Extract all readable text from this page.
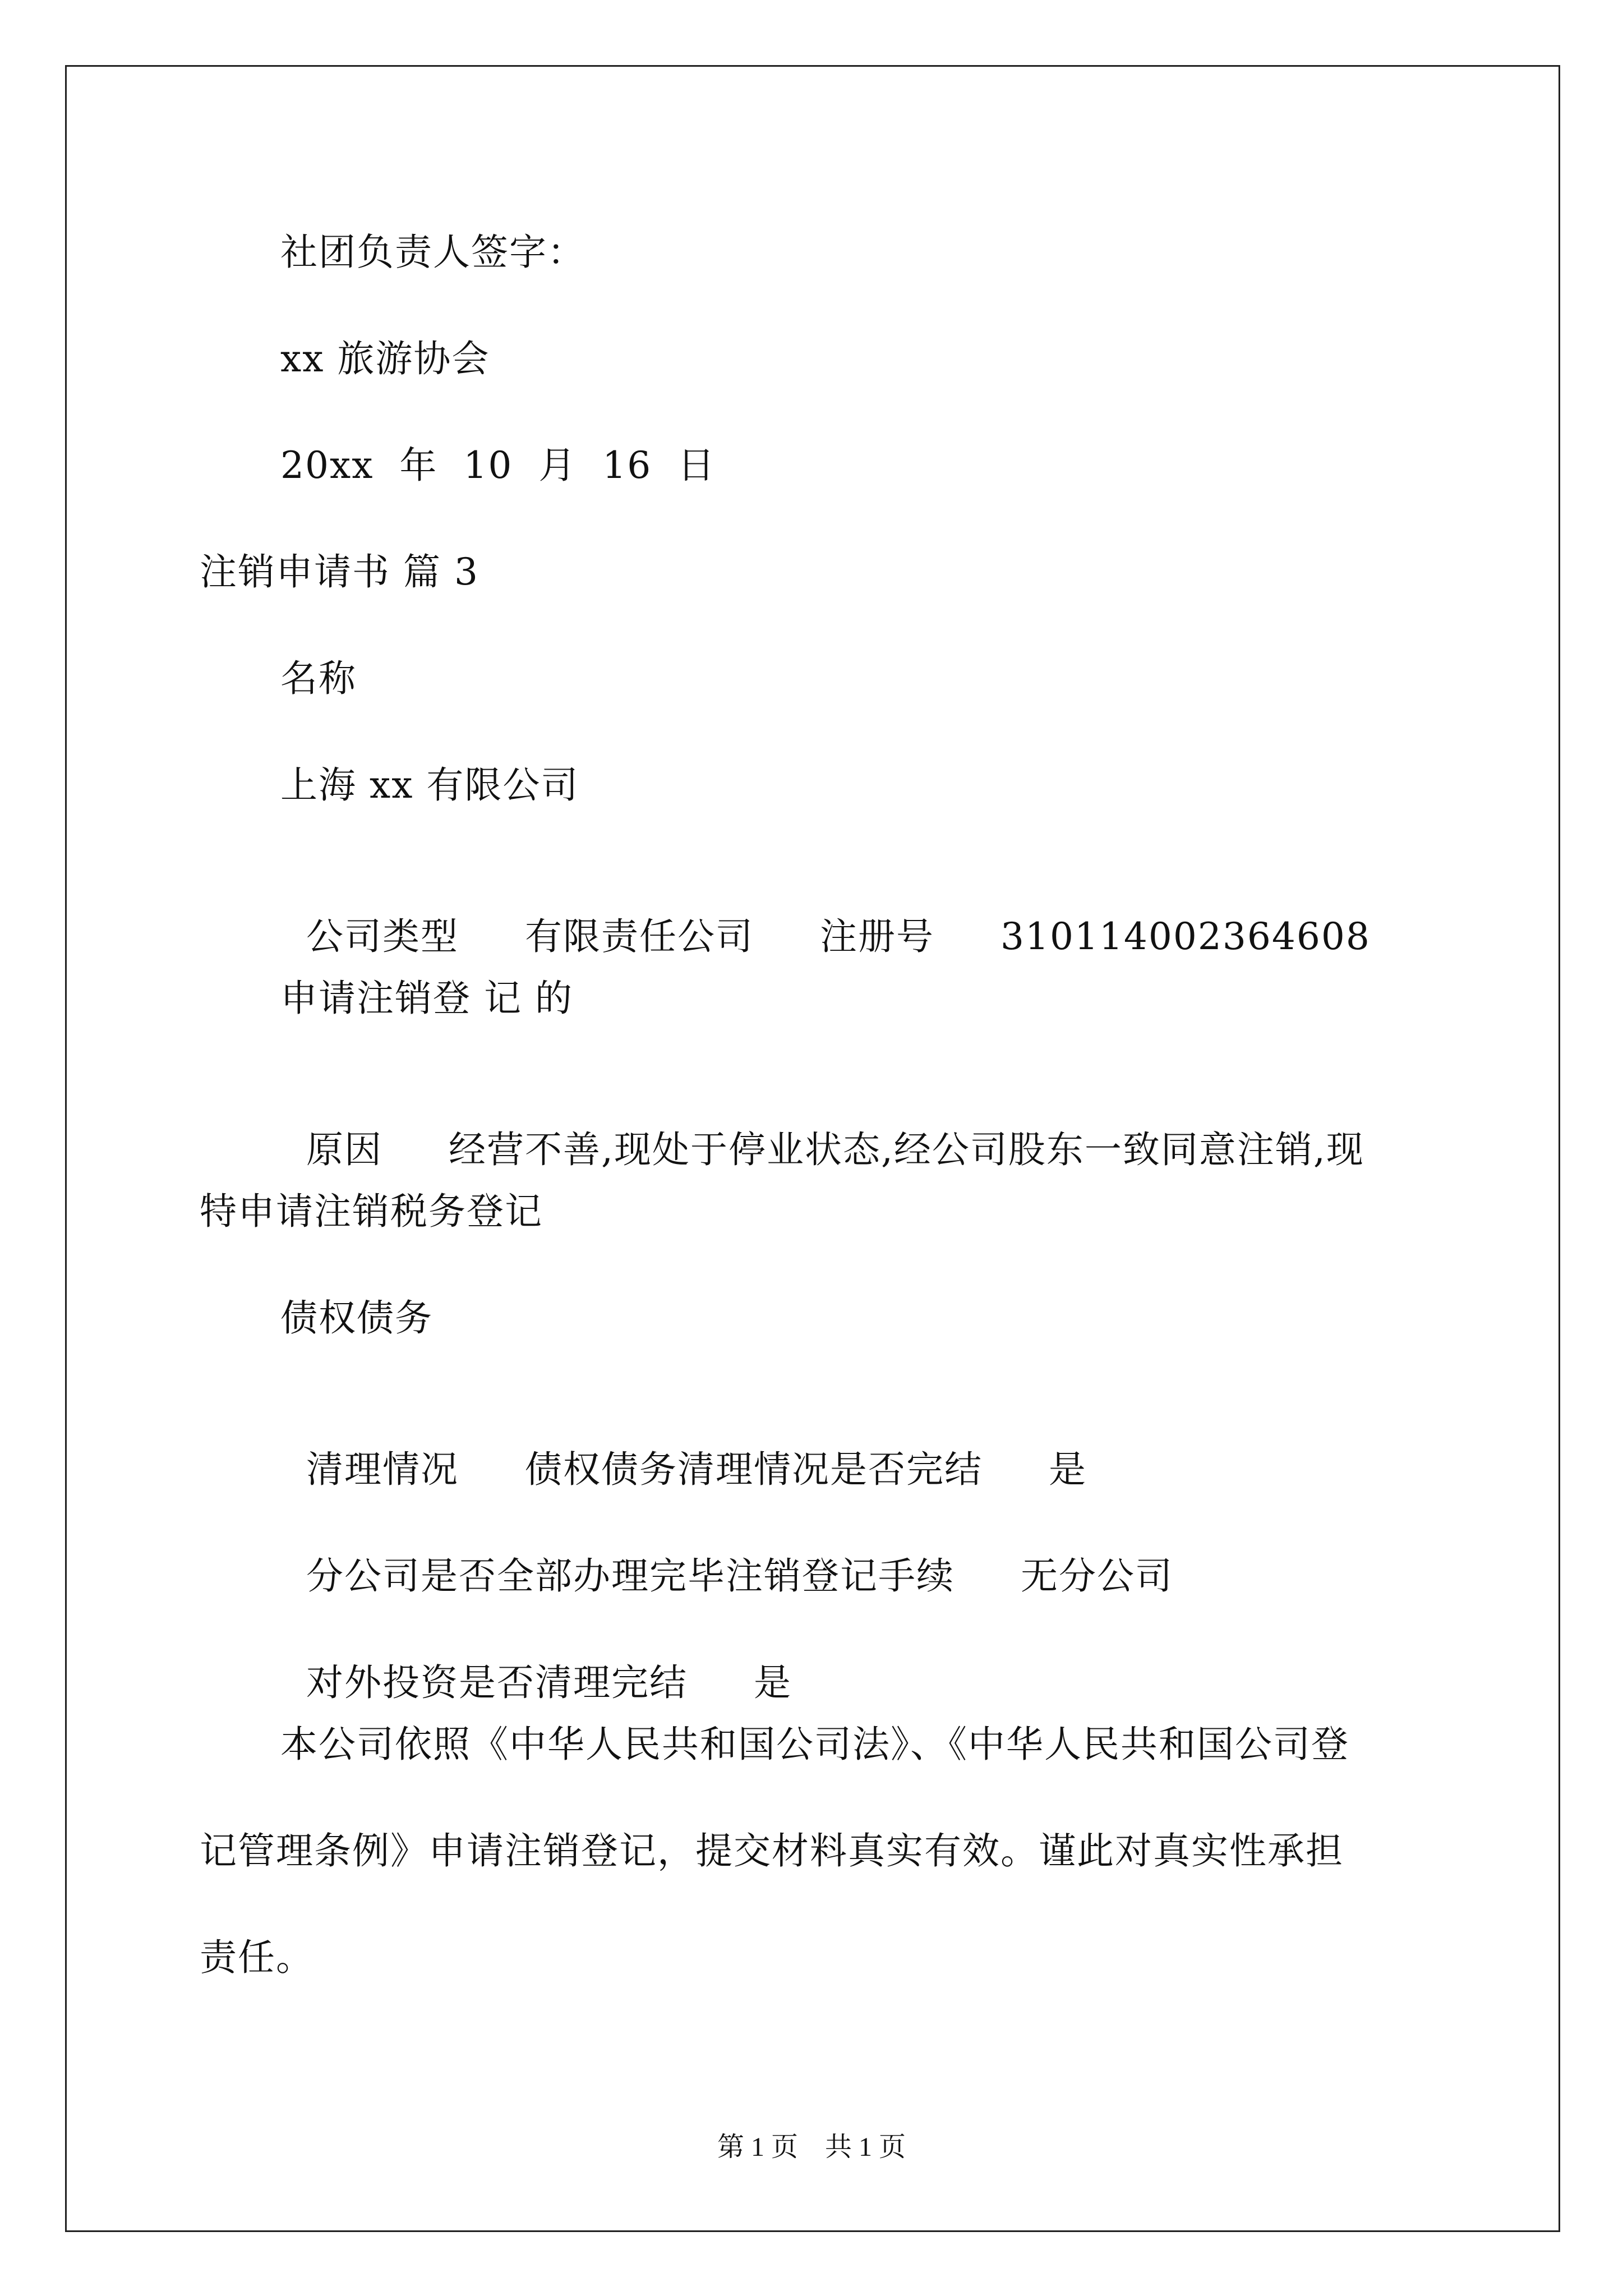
社团负责人签字：
xx 旅游协会
20xx  年  10  月  16  日
注销申请书 篇 3
名称
上海 xx 有限公司

公司类型 有限责任公司 注册号 310114002364608

申请注销登 记 的

原因 经营不善,现处于停业状态,经公司股东一致同意注销,现

特申请注销税务登记
债权债务

清理情况 债权债务清理情况是否完结 是

分公司是否全部办理完毕注销登记手续 无分公司

对外投资是否清理完结 是

本公司依照《中华人民共和国公司法》、《中华人民共和国公司登
记管理条例》申请注销登记，提交材料真实有效。谨此对真实性承担
责任。
第 1 页    共 1 页
